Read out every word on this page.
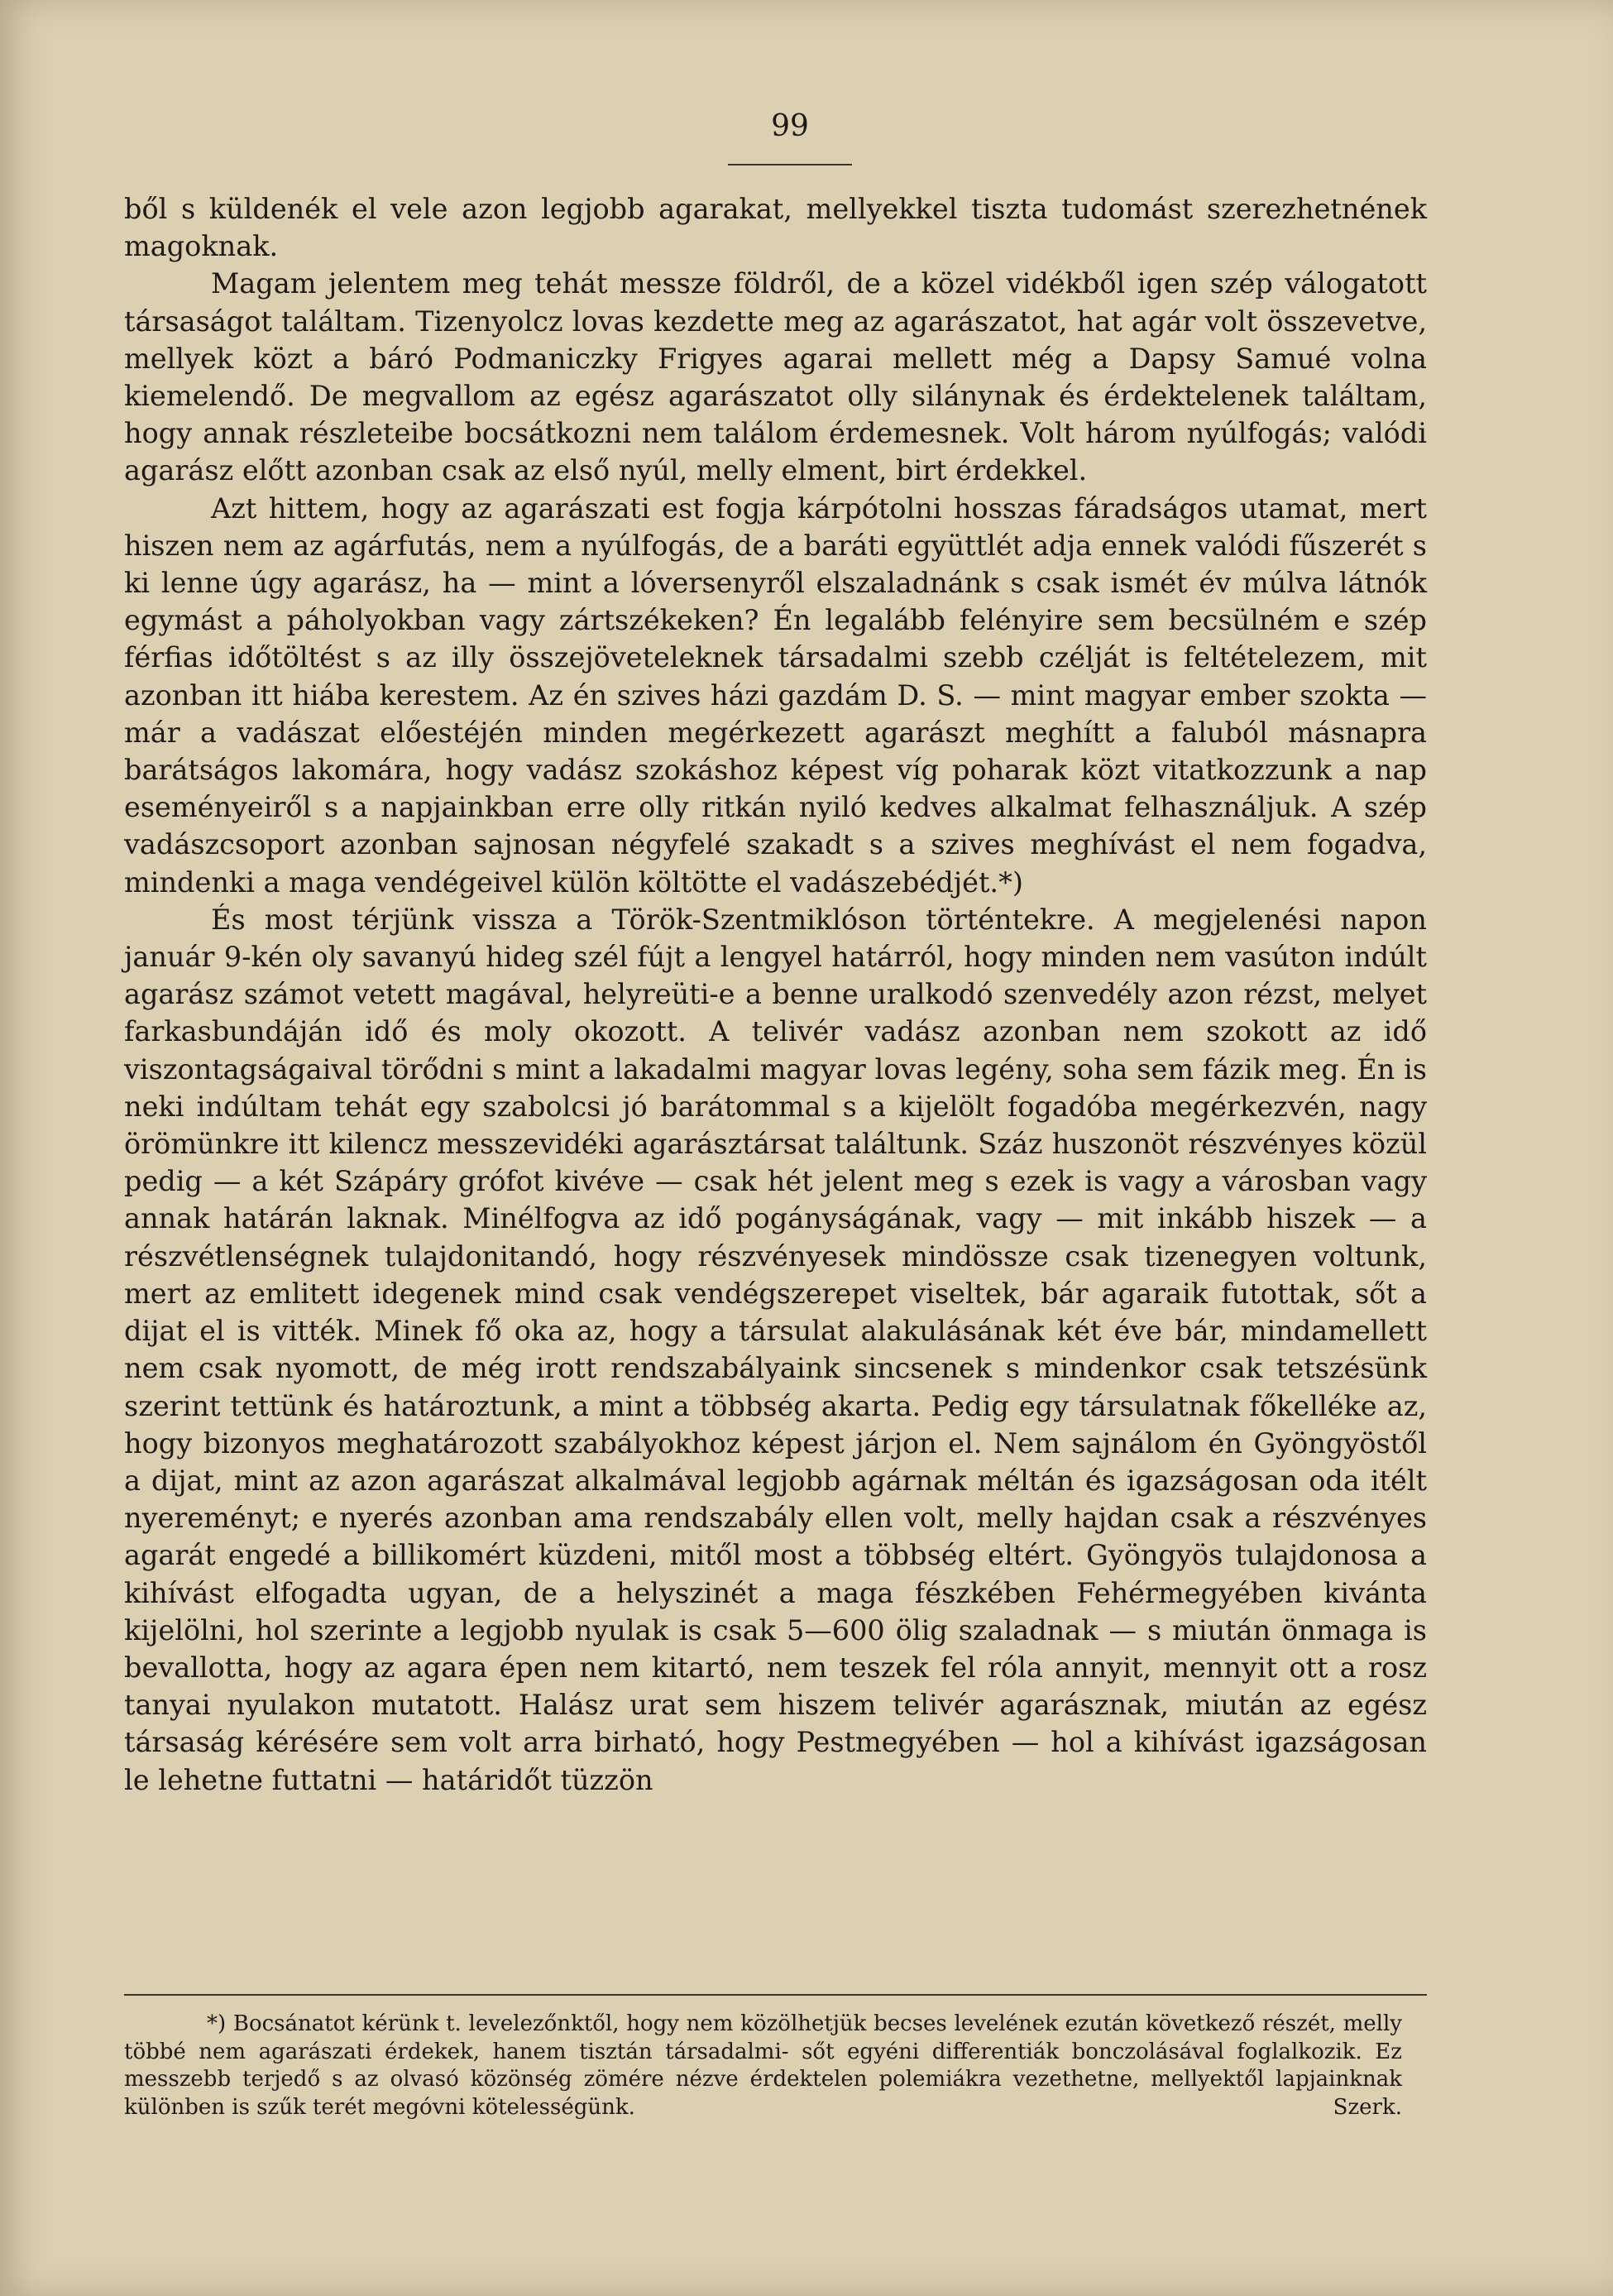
99

ből s küldenék el vele azon legjobb agarakat, mellyekkel tiszta tudomást szerezhetnének magoknak.

Magam jelentem meg tehát messze földről, de a közel vidékből igen szép válogatott társaságot találtam. Tizenyolcz lovas kezdette meg az agarászatot, hat agár volt összevetve, mellyek közt a báró Podmaniczky Frigyes agarai mellett még a Dapsy Samué volna kiemelendő. De megvallom az egész agarászatot olly silánynak és érdektelenek találtam, hogy annak részleteibe bocsátkozni nem találom érdemesnek. Volt három nyúlfogás; valódi agarász előtt azonban csak az első nyúl, melly elment, birt érdekkel.

Azt hittem, hogy az agarászati est fogja kárpótolni hosszas fáradságos utamat, mert hiszen nem az agárfutás, nem a nyúlfogás, de a baráti együttlét adja ennek valódi fűszerét s ki lenne úgy agarász, ha — mint a lóversenyről elszaladnánk s csak ismét év múlva látnók egymást a páholyokban vagy zártszékeken? Én legalább felényire sem becsülném e szép férfias időtöltést s az illy összejöveteleknek társadalmi szebb czélját is feltételezem, mit azonban itt hiába kerestem. Az én szives házi gazdám D. S. — mint magyar ember szokta — már a vadászat előestéjén minden megérkezett agarászt meghítt a faluból másnapra barátságos lakomára, hogy vadász szokáshoz képest víg poharak közt vitatkozzunk a nap eseményeiről s a napjainkban erre olly ritkán nyiló kedves alkalmat felhasználjuk. A szép vadászcsoport azonban sajnosan négyfelé szakadt s a szives meghívást el nem fogadva, mindenki a maga vendégeivel külön költötte el vadászebédjét.*)

És most térjünk vissza a Török-Szentmiklóson történtekre. A megjelenési napon január 9-kén oly savanyú hideg szél fújt a lengyel határról, hogy minden nem vasúton indúlt agarász számot vetett magával, helyreüti-e a benne uralkodó szenvedély azon rézst, melyet farkasbundáján idő és moly okozott. A telivér vadász azonban nem szokott az idő viszontagságaival törődni s mint a lakadalmi magyar lovas legény, soha sem fázik meg. Én is neki indúltam tehát egy szabolcsi jó barátommal s a kijelölt fogadóba megérkezvén, nagy örömünkre itt kilencz messzevidéki agarásztársat találtunk. Száz huszonöt részvényes közül pedig — a két Szápáry grófot kivéve — csak hét jelent meg s ezek is vagy a városban vagy annak határán laknak. Minélfogva az idő pogányságának, vagy — mit inkább hiszek — a részvétlenségnek tulajdonitandó, hogy részvényesek mindössze csak tizenegyen voltunk, mert az emlitett idegenek mind csak vendégszerepet viseltek, bár agaraik futottak, sőt a dijat el is vitték. Minek fő oka az, hogy a társulat alakulásának két éve bár, mindamellett nem csak nyomott, de még irott rendszabályaink sincsenek s mindenkor csak tetszésünk szerint tettünk és határoztunk, a mint a többség akarta. Pedig egy társulatnak főkelléke az, hogy bizonyos meghatározott szabályokhoz képest járjon el. Nem sajnálom én Gyöngyöstől a dijat, mint az azon agarászat alkalmával legjobb agárnak méltán és igazságosan oda itélt nyereményt; e nyerés azonban ama rendszabály ellen volt, melly hajdan csak a részvényes agarát engedé a billikomért küzdeni, mitől most a többség eltért. Gyöngyös tulajdonosa a kihívást elfogadta ugyan, de a helyszinét a maga fészkében Fehérmegyében kivánta kijelölni, hol szerinte a legjobb nyulak is csak 5—600 ölig szaladnak — s miután önmaga is bevallotta, hogy az agara épen nem kitartó, nem teszek fel róla annyit, mennyit ott a rosz tanyai nyulakon mutatott. Halász urat sem hiszem telivér agarásznak, miután az egész társaság kérésére sem volt arra birható, hogy Pestmegyében — hol a kihívást igazságosan le lehetne futtatni — határidőt tüzzön

*) Bocsánatot kérünk t. levelezőnktől, hogy nem közölhetjük becses levelének ezután következő részét, melly többé nem agarászati érdekek, hanem tisztán társadalmi- sőt egyéni differentiák bonczolásával foglalkozik. Ez messzebb terjedő s az olvasó közönség zömére nézve érdektelen polemiákra vezethetne, mellyektől lapjainknak különben is szűk terét megóvni kötelességünk.	Szerk.
